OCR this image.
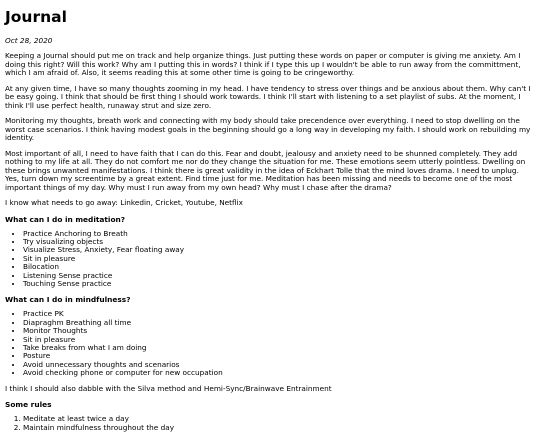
Journal

Oct 28, 2020

Keeping a Journal should put me on track and help organize things. Just putting these words on paper or computer is giving me anxiety. Am I doing this right? Will this work? Why am I putting this in words? I think if I type this up I wouldn't be able to run away from the committment, which I am afraid of. Also, it seems reading this at some other time is going to be cringeworthy.

At any given time, I have so many thoughts zooming in my head. I have tendency to stress over things and be anxious about them. Why can't I be easy going. I think that should be first thing I should work towards. I think I'll start with listening to a set playlist of subs. At the moment, I think I'll use perfect health, runaway strut and size zero.

Monitoring my thoughts, breath work and connecting with my body should take precendence over everything. I need to stop dwelling on the worst case scenarios. I think having modest goals in the beginning should go a long way in developing my faith. I should work on rebuilding my identity.

Most important of all, I need to have faith that I can do this. Fear and doubt, jealousy and anxiety need to be shunned completely. They add nothing to my life at all. They do not comfort me nor do they change the situation for me. These emotions seem utterly pointless. Dwelling on these brings unwanted manifestations. I think there is great validity in the idea of Eckhart Tolle that the mind loves drama. I need to unplug. Yes, turn down my screentime by a great extent. Find time just for me. Meditation has been missing and needs to become one of the most important things of my day. Why must I run away from my own head? Why must I chase after the drama?

I know what needs to go away: Linkedin, Cricket, Youtube, Netflix

What can I do in meditation?
• Practice Anchoring to Breath
• Try visualizing objects
• Visualize Stress, Anxiety, Fear floating away
• Sit in pleasure
• Bilocation
• Listening Sense practice
• Touching Sense practice
What can I do in mindfulness?
• Practice PK
• Diapraghm Breathing all time
• Monitor Thoughts
• Sit in pleasure
• Take breaks from what I am doing
• Posture
• Avoid unnecessary thoughts and scenarios
• Avoid checking phone or computer for new occupation

I think I should also dabble with the Silva method and Hemi-Sync/Brainwave Entrainment

Some rules
1. Meditate at least twice a day
2. Maintain mindfulness throughout the day
